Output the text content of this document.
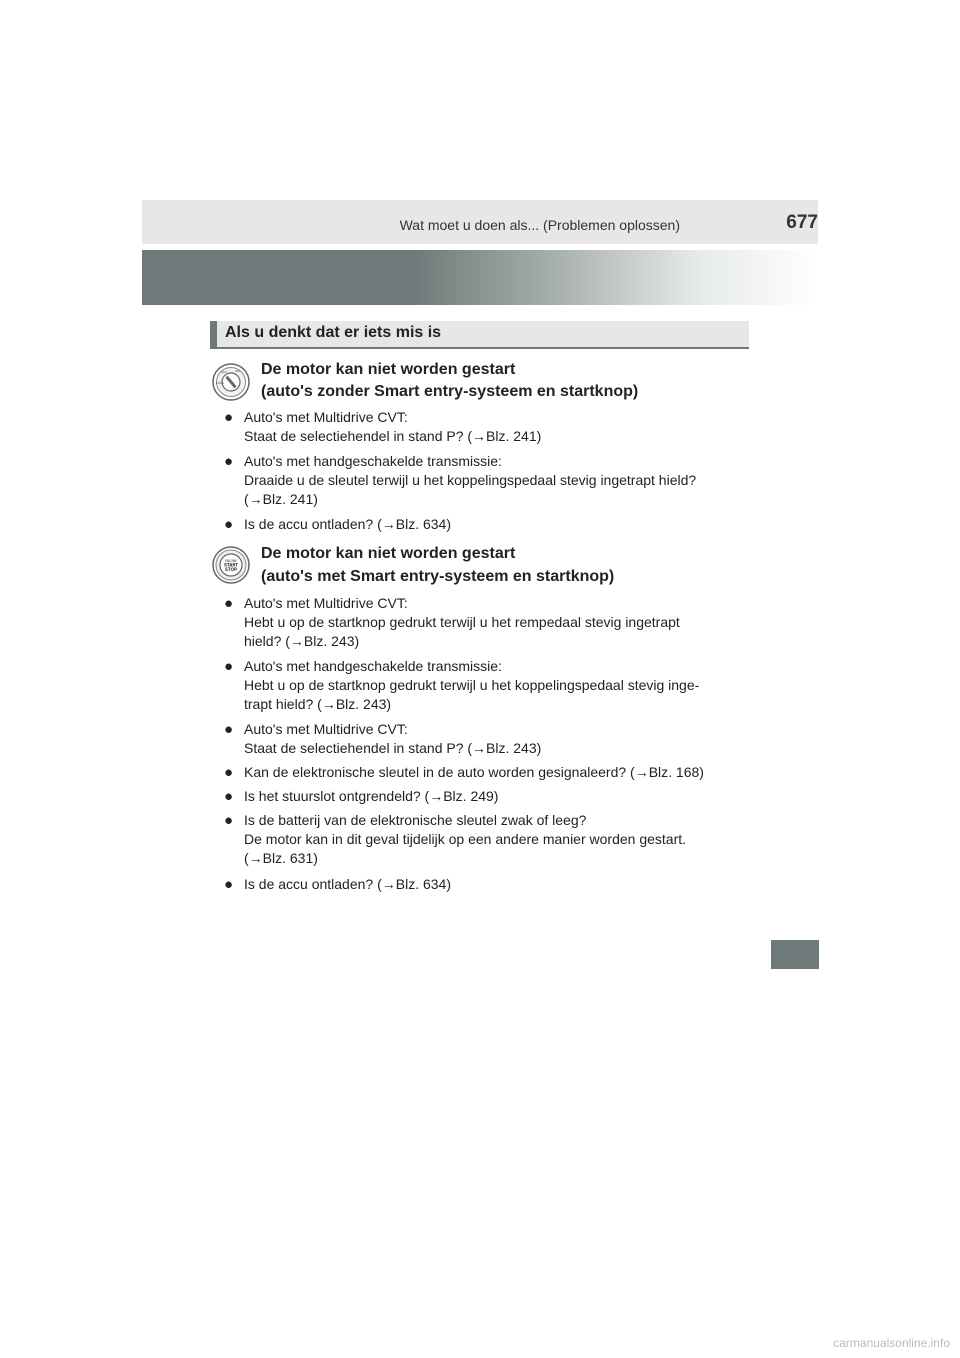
Wat moet u doen als... (Problemen oplossen)	677
Als u denkt dat er iets mis is
ACC	ON
LOCK
De motor kan niet worden gestart
(auto's zonder Smart entry-systeem en startknop)
● Auto's met Multidrive CVT:
Staat de selectiehendel in stand P? (→Blz. 241)
● Auto's met handgeschakelde transmissie:
Draaide u de sleutel terwijl u het koppelingspedaal stevig ingetrapt hield?
(→Blz. 241)
● Is de accu ontladen? (→Blz. 634)
ENGINE
START
STOP
De motor kan niet worden gestart
(auto's met Smart entry-systeem en startknop)
● Auto's met Multidrive CVT:
Hebt u op de startknop gedrukt terwijl u het rempedaal stevig ingetrapt
hield? (→Blz. 243)
● Auto's met handgeschakelde transmissie:
Hebt u op de startknop gedrukt terwijl u het koppelingspedaal stevig inge-
trapt hield? (→Blz. 243)
● Auto's met Multidrive CVT:
Staat de selectiehendel in stand P? (→Blz. 243)
● Kan de elektronische sleutel in de auto worden gesignaleerd? (→Blz. 168)
● Is het stuurslot ontgrendeld? (→Blz. 249)
● Is de batterij van de elektronische sleutel zwak of leeg?
De motor kan in dit geval tijdelijk op een andere manier worden gestart.
(→Blz. 631)
● Is de accu ontladen? (→Blz. 634)
carmanualsonline.info
